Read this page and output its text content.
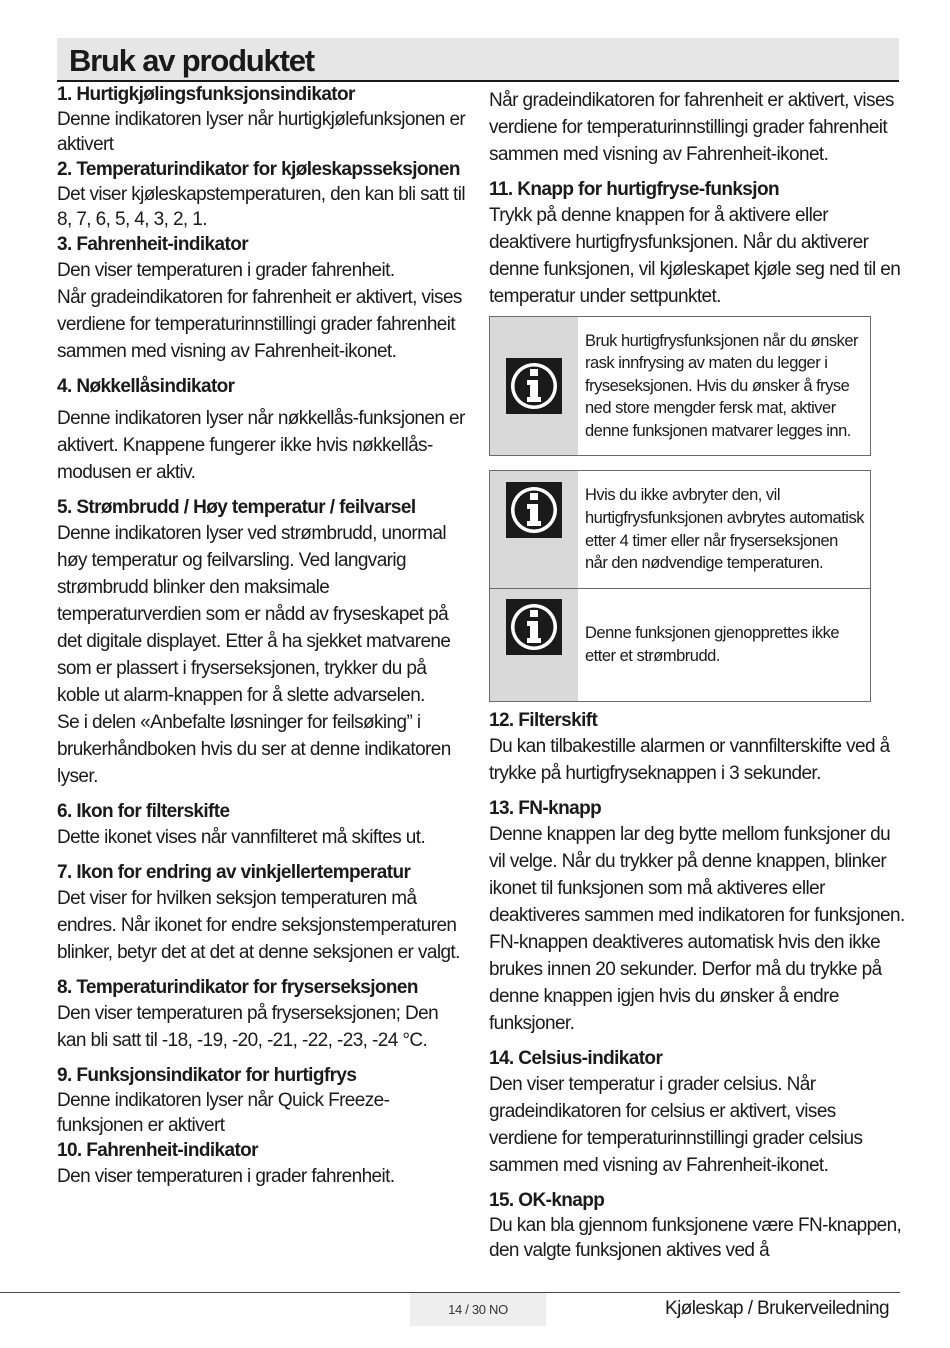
Bruk av produktet

1. Hurtigkjølingsfunksjonsindikator

Denne indikatoren lyser når hurtigkjølefunksjonen er aktivert

2. Temperaturindikator for kjøleskapsseksjonen

Det viser kjøleskapstemperaturen, den kan bli satt til 8, 7, 6, 5, 4, 3, 2, 1.

3. Fahrenheit-indikator

Den viser temperaturen i grader fahrenheit.

Når gradeindikatoren for fahrenheit er aktivert, vises verdiene for temperaturinnstillingi grader fahrenheit sammen med visning av Fahrenheit-ikonet.

4. Nøkkellåsindikator

Denne indikatoren lyser når nøkkellås-funksjonen er aktivert. Knappene fungerer ikke hvis nøkkellås-modusen er aktiv.

5. Strømbrudd / Høy temperatur / feilvarsel

Denne indikatoren lyser ved strømbrudd, unormal høy temperatur og feilvarsling. Ved langvarig strømbrudd blinker den maksimale temperaturverdien som er nådd av fryseskapet på det digitale displayet. Etter å ha sjekket matvarene som er plassert i fryserseksjonen, trykker du på koble ut alarm-knappen for å slette advarselen.

Se i delen «Anbefalte løsninger for feilsøking” i brukerhåndboken hvis du ser at denne indikatoren lyser.

6. Ikon for filterskifte

Dette ikonet vises når vannfilteret må skiftes ut.

7. Ikon for endring av vinkjellertemperatur

Det viser for hvilken seksjon temperaturen må endres. Når ikonet for endre seksjonstemperaturen blinker, betyr det at det at denne seksjonen er valgt.

8. Temperaturindikator for fryserseksjonen

Den viser temperaturen på fryserseksjonen; Den kan bli satt til -18, -19, -20, -21, -22, -23, -24 °C.

9. Funksjonsindikator for hurtigfrys

Denne indikatoren lyser når Quick Freeze-funksjonen er aktivert

10. Fahrenheit-indikator

Den viser temperaturen i grader fahrenheit.

Når gradeindikatoren for fahrenheit er aktivert, vises verdiene for temperaturinnstillingi grader fahrenheit sammen med visning av Fahrenheit-ikonet.

11. Knapp for hurtigfryse-funksjon

Trykk på denne knappen for å aktivere eller deaktivere hurtigfrysfunksjonen. Når du aktiverer denne funksjonen, vil kjøleskapet kjøle seg ned til en temperatur under settpunktet.

Bruk hurtigfrysfunksjonen når du ønsker rask innfrysing av maten du legger i fryseseksjonen. Hvis du ønsker å fryse ned store mengder fersk mat, aktiver denne funksjonen matvarer legges inn.
Hvis du ikke avbryter den, vil hurtigfrysfunksjonen avbrytes automatisk etter 4 timer eller når fryserseksjonen når den nødvendige temperaturen.
Denne funksjonen gjenopprettes ikke etter et strømbrudd.

12. Filterskift

Du kan tilbakestille alarmen or vannfilterskifte ved å trykke på hurtigfryseknappen i 3 sekunder.

13. FN-knapp

Denne knappen lar deg bytte mellom funksjoner du vil velge. Når du trykker på denne knappen, blinker ikonet til funksjonen som må aktiveres eller deaktiveres sammen med indikatoren for funksjonen. FN-knappen deaktiveres automatisk hvis den ikke brukes innen 20 sekunder. Derfor må du trykke på denne knappen igjen hvis du ønsker å endre funksjoner.

14. Celsius-indikator

Den viser temperatur i grader celsius. Når gradeindikatoren for celsius er aktivert, vises verdiene for temperaturinnstillingi grader celsius sammen med visning av Fahrenheit-ikonet.

15. OK-knapp

Du kan bla gjennom funksjonene være FN-knappen, den valgte funksjonen aktives ved å

14 / 30 NO	Kjøleskap / Brukerveiledning
